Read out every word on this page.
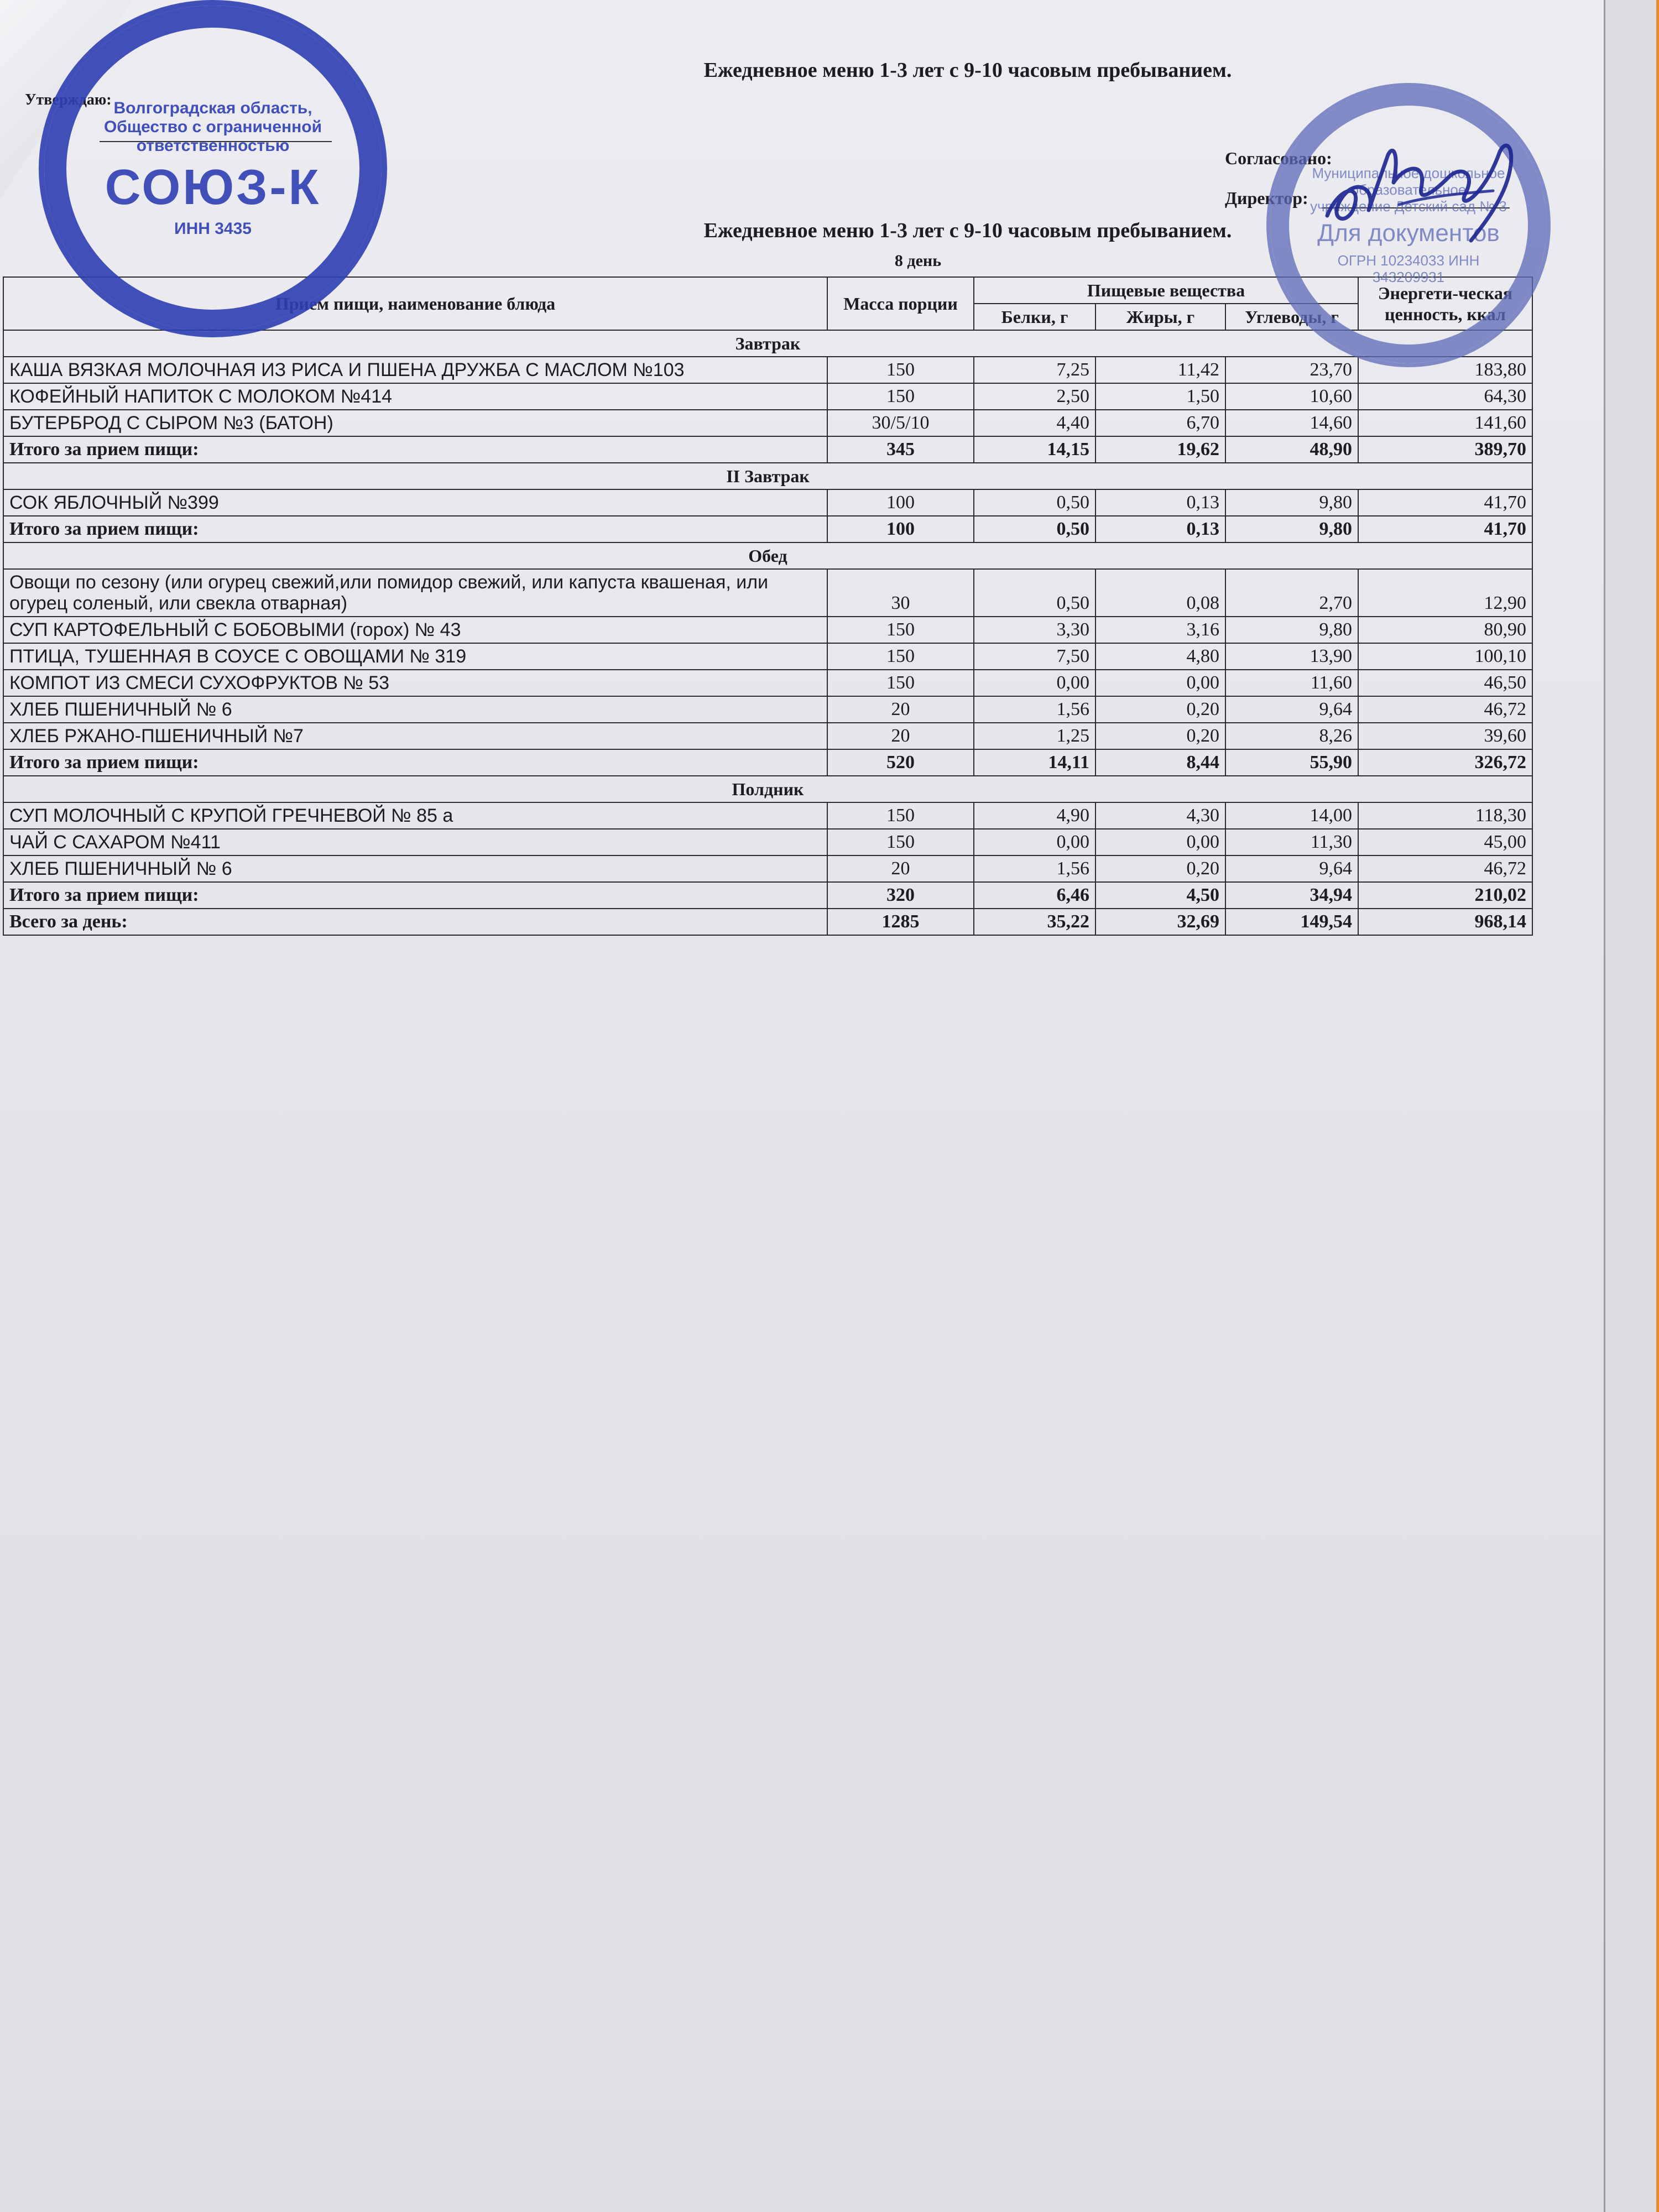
Утверждаю:
Ежедневное меню 1-3 лет с 9-10 часовым пребыванием.
Согласовано:
Директор:
Ежедневное меню 1-3 лет с 9-10 часовым пребыванием.
8 день
Прием пищи, наименование блюда	Масса порции	Пищевые вещества			Энергети-ческая ценность, ккал
		Белки, г	Жиры, г	Углеводы, г	
Завтрак					
КАША ВЯЗКАЯ МОЛОЧНАЯ ИЗ РИСА И ПШЕНА ДРУЖБА С МАСЛОМ №103	150	7,25	11,42	23,70	183,80
КОФЕЙНЫЙ НАПИТОК С МОЛОКОМ №414	150	2,50	1,50	10,60	64,30
БУТЕРБРОД С СЫРОМ №3 (БАТОН)	30/5/10	4,40	6,70	14,60	141,60
Итого за прием пищи:	345	14,15	19,62	48,90	389,70
II Завтрак					
СОК ЯБЛОЧНЫЙ №399	100	0,50	0,13	9,80	41,70
Итого за прием пищи:	100	0,50	0,13	9,80	41,70
Обед					
Овощи по сезону (или огурец свежий,или помидор свежий, или капуста квашеная, или огурец соленый, или свекла отварная)	30	0,50	0,08	2,70	12,90
СУП КАРТОФЕЛЬНЫЙ С БОБОВЫМИ (горох) № 43	150	3,30	3,16	9,80	80,90
ПТИЦА, ТУШЕННАЯ В СОУСЕ С ОВОЩАМИ № 319	150	7,50	4,80	13,90	100,10
КОМПОТ ИЗ СМЕСИ СУХОФРУКТОВ № 53	150	0,00	0,00	11,60	46,50
ХЛЕБ ПШЕНИЧНЫЙ № 6	20	1,56	0,20	9,64	46,72
ХЛЕБ РЖАНО-ПШЕНИЧНЫЙ №7	20	1,25	0,20	8,26	39,60
Итого за прием пищи:	520	14,11	8,44	55,90	326,72
Полдник					
СУП МОЛОЧНЫЙ С КРУПОЙ ГРЕЧНЕВОЙ № 85 а	150	4,90	4,30	14,00	118,30
ЧАЙ С САХАРОМ №411	150	0,00	0,00	11,30	45,00
ХЛЕБ ПШЕНИЧНЫЙ № 6	20	1,56	0,20	9,64	46,72
Итого за прием пищи:	320	6,46	4,50	34,94	210,02
Всего за день:	1285	35,22	32,69	149,54	968,14
Волгоградская область, Общество с ограниченной ответственностью
СОЮЗ-К
ИНН 3435
Муниципальное дошкольное образовательное учреждение Детский сад № 3
Для документов
ОГРН 10234033 ИНН 343209931
